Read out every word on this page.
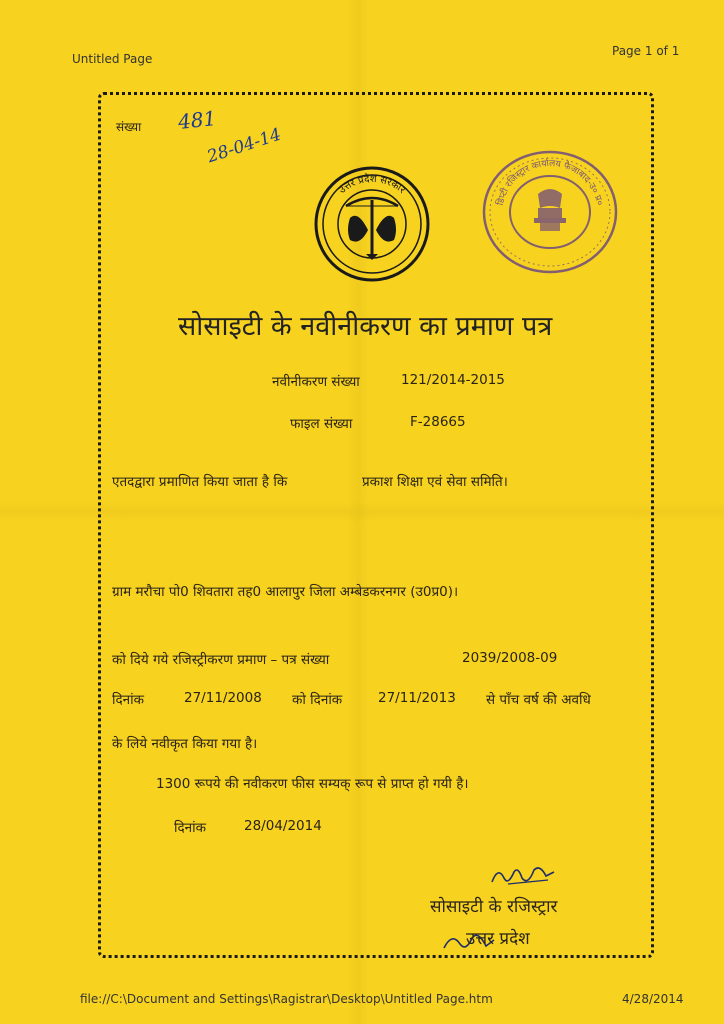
Untitled Page
Page 1 of 1
संख्या 481
28-04-14
उत्तर प्रदेश सरकार
डिप्टी रजिस्ट्रार कार्यालय फैजाबाद-उ० प्र०
सोसाइटी के नवीनीकरण का प्रमाण पत्र
नवीनीकरण संख्या	121/2014-2015
फाइल संख्या	F-28665
एतदद्वारा प्रमाणित किया जाता है कि	प्रकाश शिक्षा एवं सेवा समिति।
ग्राम मरौचा पो0 शिवतारा तह0 आलापुर जिला अम्बेडकरनगर (उ0प्र0)।
को दिये गये रजिस्ट्रीकरण प्रमाण – पत्र संख्या	2039/2008-09
दिनांक	27/11/2008 को दिनांक	27/11/2013 से पाँच वर्ष की अवधि
के लिये नवीकृत किया गया है।
1300 रूपये की नवीकरण फीस सम्यक् रूप से प्राप्त हो गयी है।
दिनांक	28/04/2014
सोसाइटी के रजिस्ट्रार
उत्तर प्रदेश
file://C:\Document and Settings\Ragistrar\Desktop\Untitled Page.htm	4/28/2014
